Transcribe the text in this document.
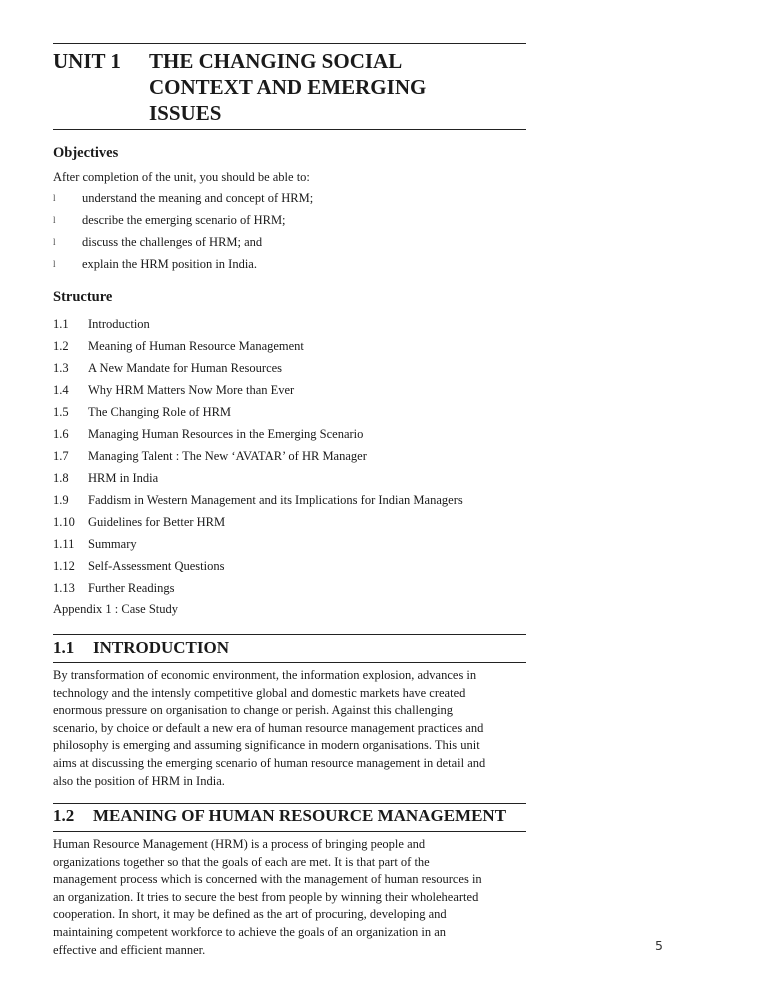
UNIT 1 THE CHANGING SOCIAL
CONTEXT AND EMERGING
ISSUES
Objectives
After completion of the unit, you should be able to:
l understand the meaning and concept of HRM;
l describe the emerging scenario of HRM;
l discuss the challenges of HRM; and
l explain the HRM position in India.
Structure
1.1 Introduction
1.2 Meaning of Human Resource Management
1.3 A New Mandate for Human Resources
1.4 Why HRM Matters Now More than Ever
1.5 The Changing Role of HRM
1.6 Managing Human Resources in the Emerging Scenario
1.7 Managing Talent : The New ‘AVATAR’ of HR Manager
1.8 HRM in India
1.9 Faddism in Western Management and its Implications for Indian Managers
1.10 Guidelines for Better HRM
1.11 Summary
1.12 Self-Assessment Questions
1.13 Further Readings
Appendix 1 : Case Study
1.1 INTRODUCTION
By transformation of economic environment, the information explosion, advances in
technology and the intensly competitive global and domestic markets have created
enormous pressure on organisation to change or perish. Against this challenging
scenario, by choice or default a new era of human resource management practices and
philosophy is emerging and assuming significance in modern organisations. This unit
aims at discussing the emerging scenario of human resource management in detail and
also the position of HRM in India.
1.2 MEANING OF HUMAN RESOURCE MANAGEMENT
Human Resource Management (HRM) is a process of bringing people and
organizations together so that the goals of each are met. It is that part of the
management process which is concerned with the management of human resources in
an organization. It tries to secure the best from people by winning their wholehearted
cooperation. In short, it may be defined as the art of procuring, developing and
maintaining competent workforce to achieve the goals of an organization in an
effective and efficient manner.	5
